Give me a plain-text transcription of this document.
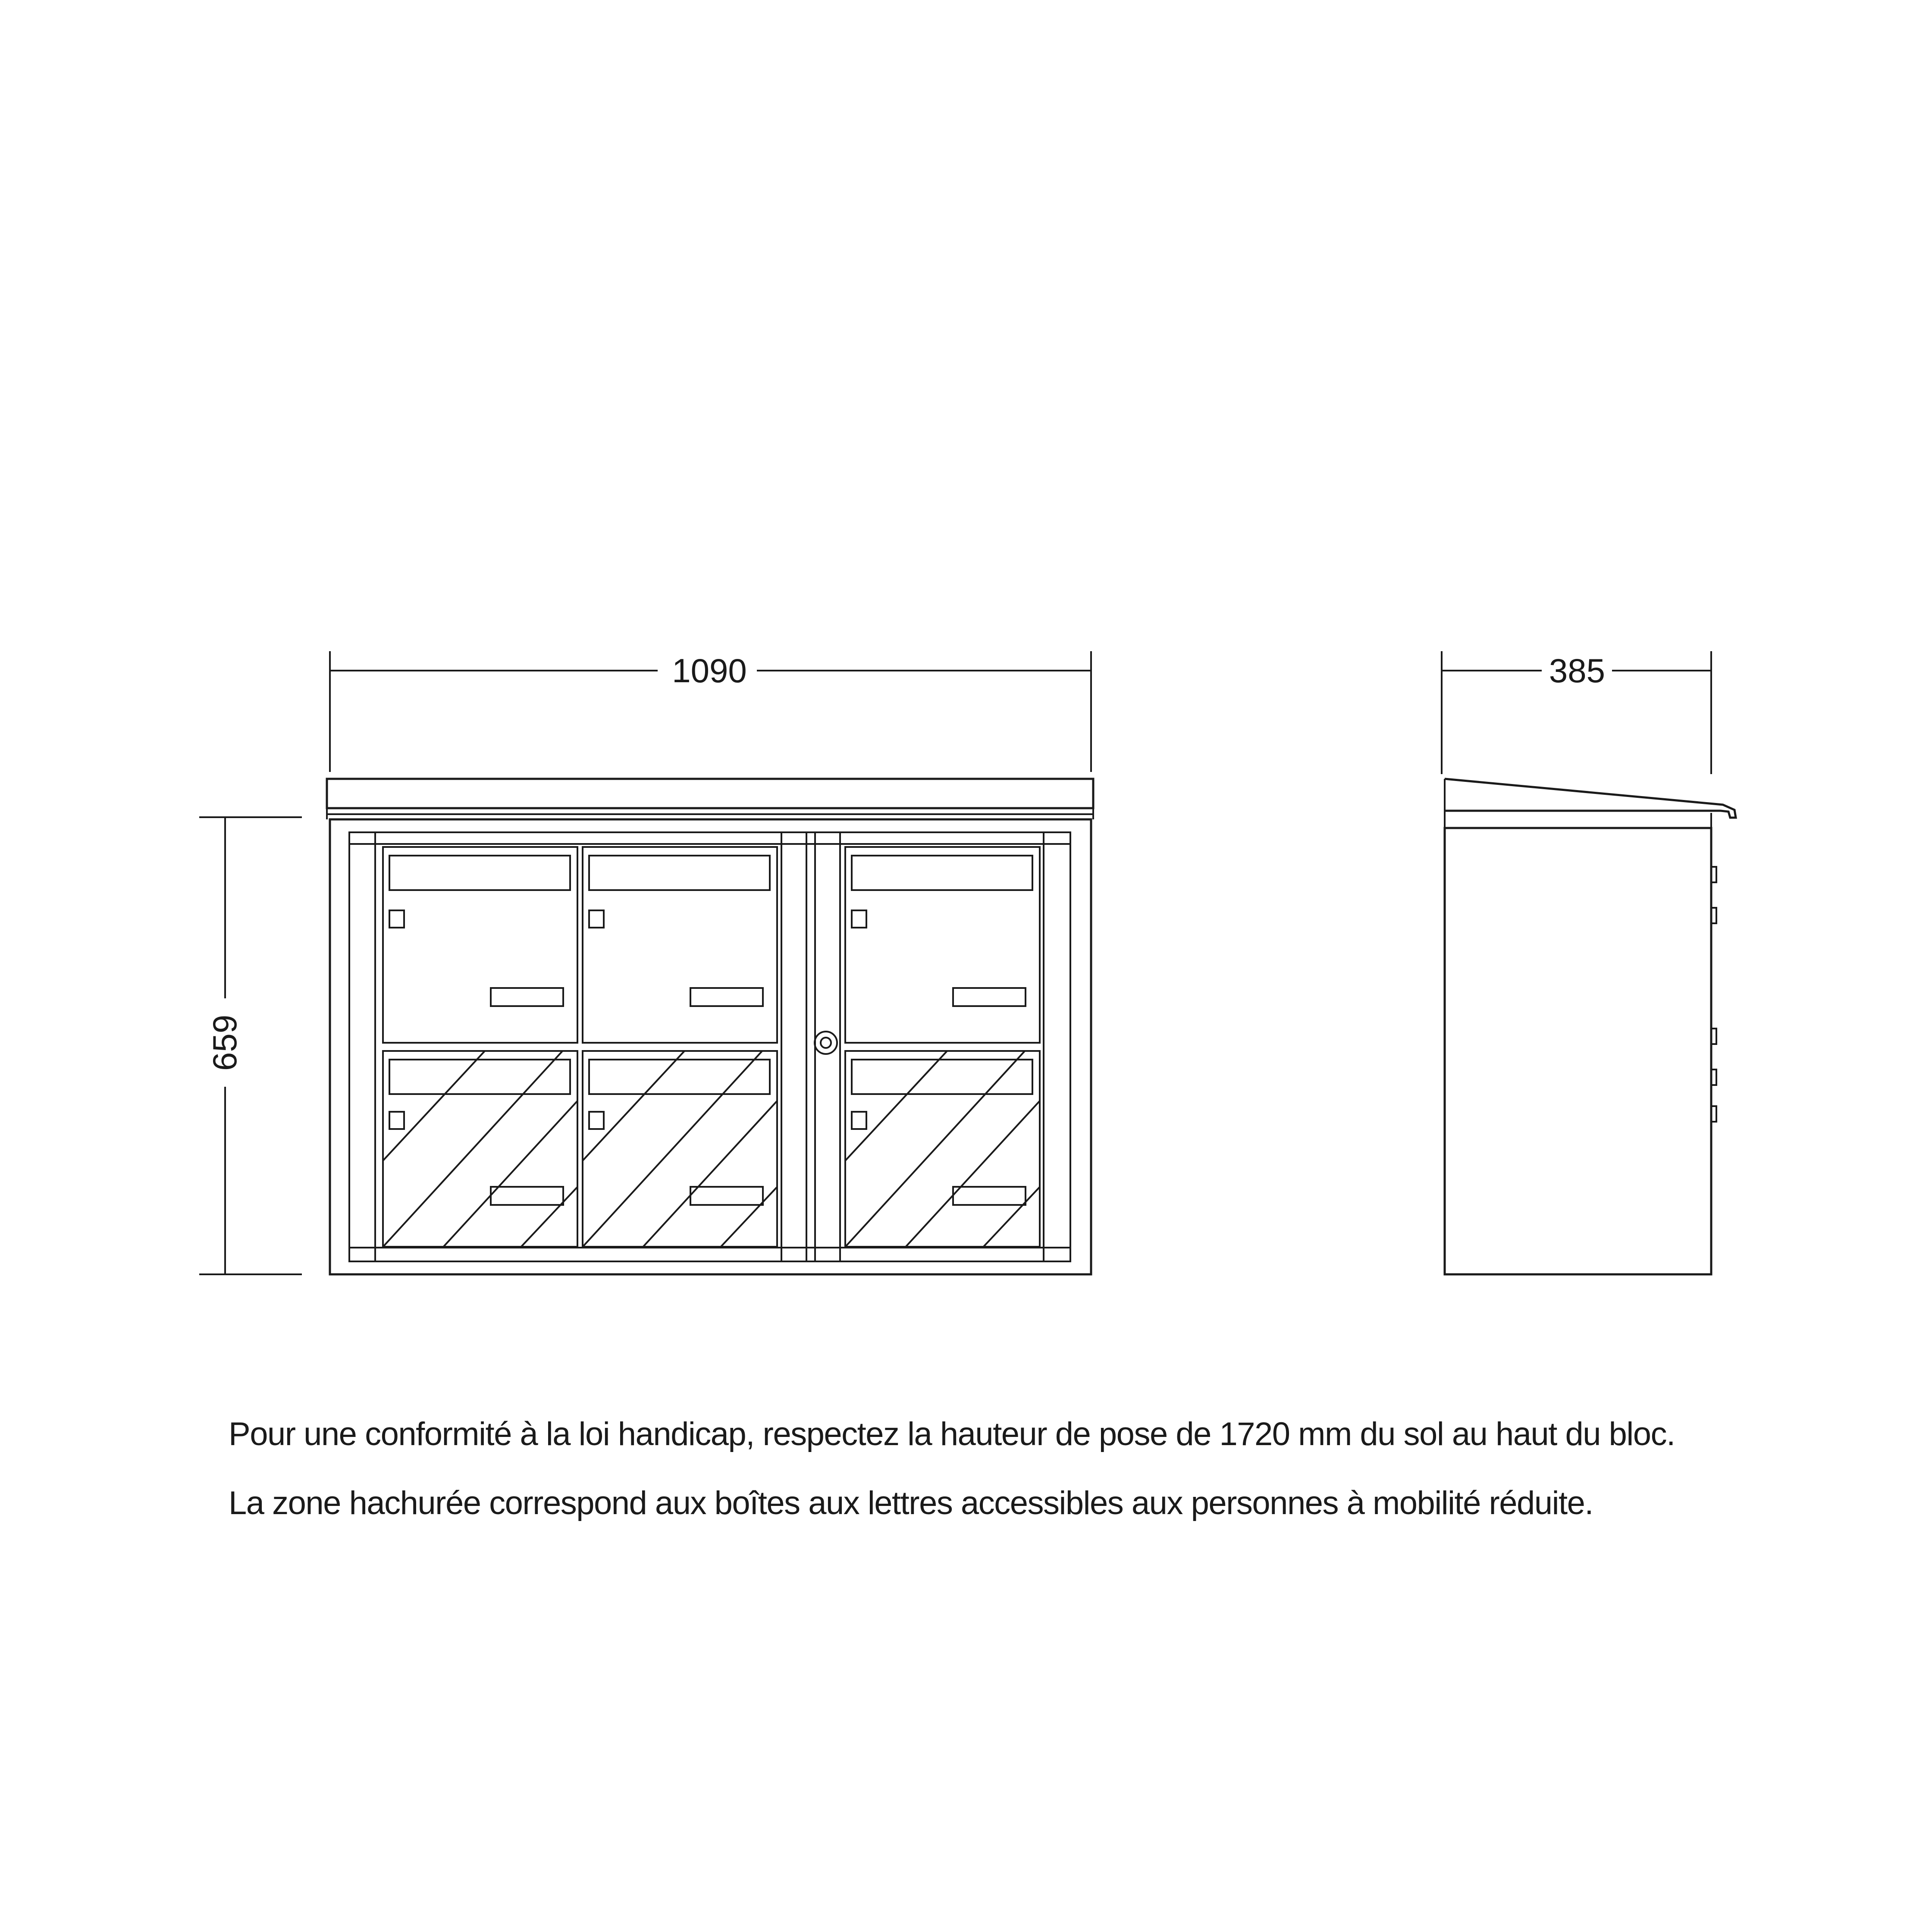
1090
659
385
Pour une conformité à la loi handicap, respectez la hauteur de pose de 1720 mm du sol au haut du bloc.
La zone hachurée correspond aux boîtes aux lettres accessibles aux personnes à mobilité réduite.
